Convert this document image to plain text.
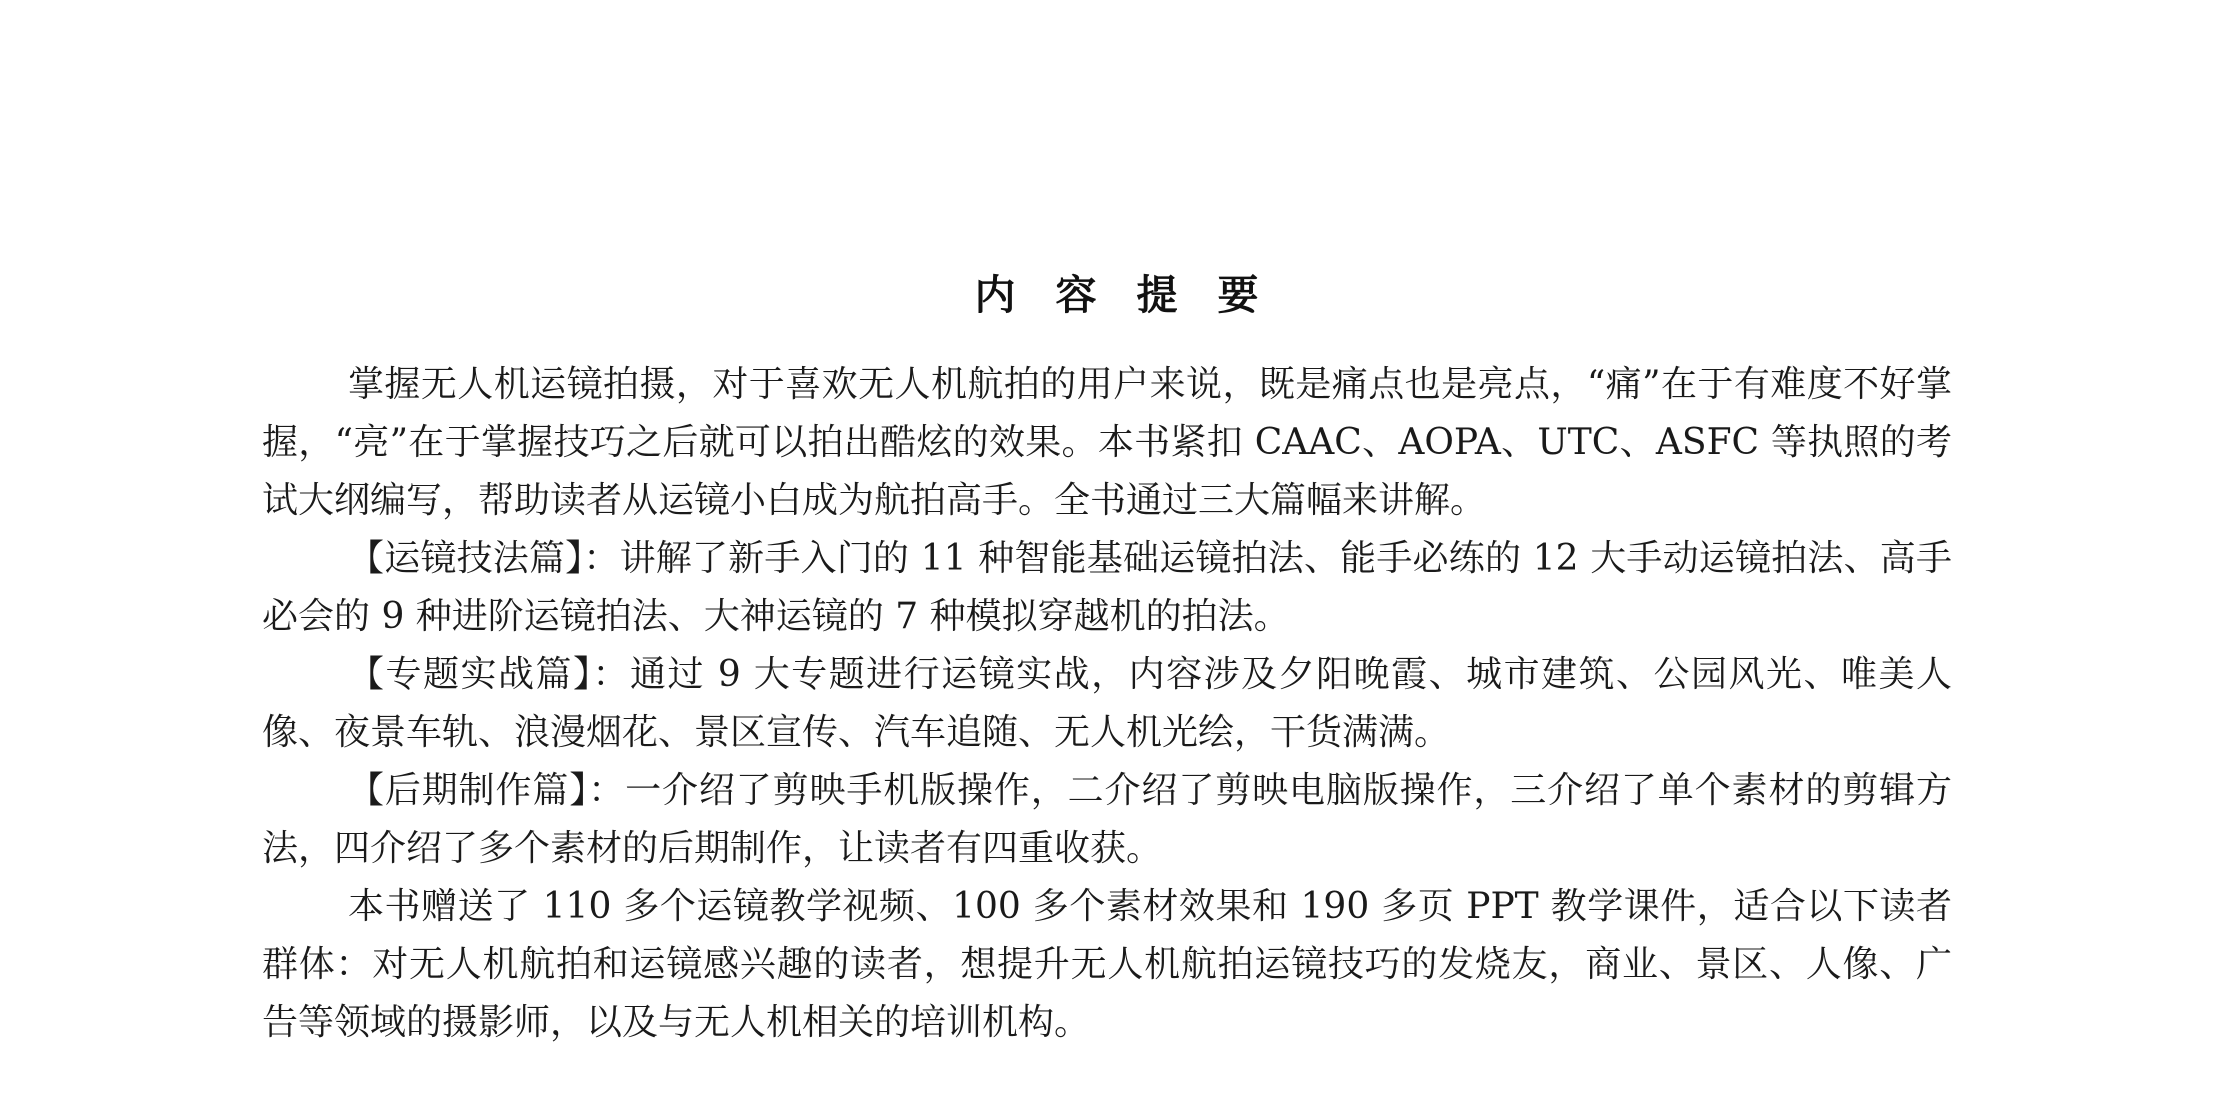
内容提要

掌握无人机运镜拍摄，对于喜欢无人机航拍的用户来说，既是痛点也是亮点，“痛”在于有难度不好掌握，“亮”在于掌握技巧之后就可以拍出酷炫的效果。本书紧扣 CAAC、AOPA、UTC、ASFC 等执照的考试大纲编写，帮助读者从运镜小白成为航拍高手。全书通过三大篇幅来讲解。

【运镜技法篇】：讲解了新手入门的 11 种智能基础运镜拍法、能手必练的 12 大手动运镜拍法、高手必会的 9 种进阶运镜拍法、大神运镜的 7 种模拟穿越机的拍法。

【专题实战篇】：通过 9 大专题进行运镜实战，内容涉及夕阳晚霞、城市建筑、公园风光、唯美人像、夜景车轨、浪漫烟花、景区宣传、汽车追随、无人机光绘，干货满满。

【后期制作篇】：一介绍了剪映手机版操作，二介绍了剪映电脑版操作，三介绍了单个素材的剪辑方法，四介绍了多个素材的后期制作，让读者有四重收获。

本书赠送了 110 多个运镜教学视频、100 多个素材效果和 190 多页 PPT 教学课件，适合以下读者群体：对无人机航拍和运镜感兴趣的读者，想提升无人机航拍运镜技巧的发烧友，商业、景区、人像、广告等领域的摄影师，以及与无人机相关的培训机构。
